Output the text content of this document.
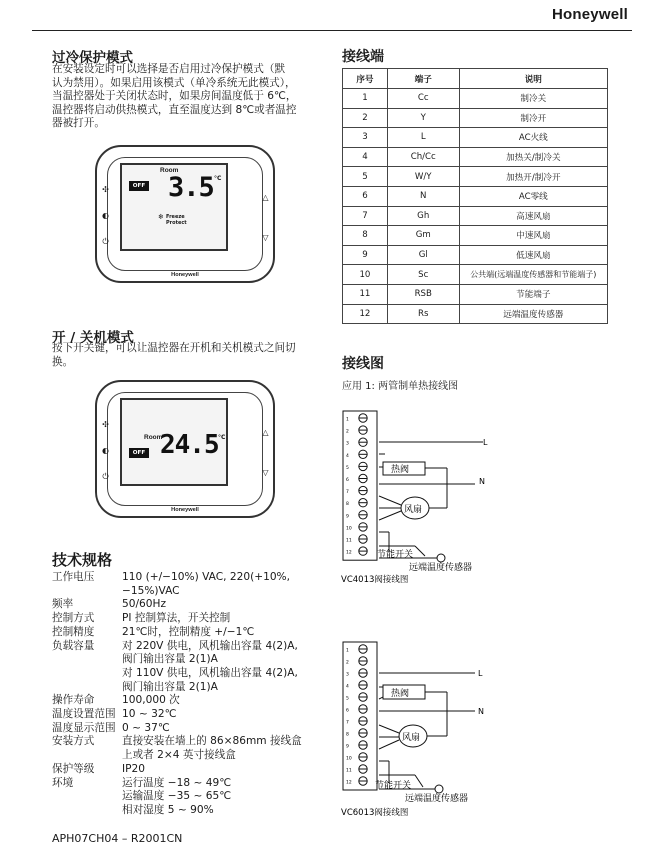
Honeywell
过冷保护模式
在安装设定时可以选择是否启用过冷保护模式（默
认为禁用）。如果启用该模式（单冷系统无此模式），
当温控器处于关闭状态时，如果房间温度低于 6℃，
温控器将启动供热模式，直至温度达到 8℃或者温控
器被打开。
✣
◐
⏻
△
▽
Room
OFF 3.5 °C
❄ Freeze
Protect
Honeywell
开 / 关机模式
按下开关键，可以让温控器在开机和关机模式之间切
换。
✣
◐
⏻
△
▽
Room
OFF 24.5 °C
Honeywell
技术规格
工作电压	110 (+/−10%) VAC, 220(+10%,
−15%)VAC
频率	50/60Hz
控制方式	PI 控制算法，开关控制
控制精度	21℃时，控制精度 +/−1℃
负载容量	对 220V 供电，风机输出容量 4(2)A,
阀门输出容量 2(1)A
对 110V 供电，风机输出容量 4(2)A,
阀门输出容量 2(1)A
操作寿命	100,000 次
温度设置范围 10 ~ 32℃
温度显示范围 0 ~ 37℃
安装方式	直接安装在墙上的 86×86mm 接线盒
上或者 2×4 英寸接线盒
保护等级	IP20
环境	运行温度 −18 ~ 49℃
运输温度 −35 ~ 65℃
相对湿度 5 ~ 90%
APH07CH04 – R2001CN
接线端
序号	端子	说明
1	Cc	制冷关
2	Y	制冷开
3	L	AC火线
4	Ch/Cc	加热关/制冷关
5	W/Y	加热开/制冷开
6	N	AC零线
7	Gh	高速风扇
8	Gm	中速风扇
9	Gl	低速风扇
10	Sc	公共端(远端温度传感器和节能端子)
11	RSB	节能端子
12	Rs	远端温度传感器
接线图
应用 1: 两管制单热接线图
1
2
3
4
5
6
7
8
9
10
11
12
L
热阀
N
风扇
节能开关
远端温度传感器
VC4013阀接线图
1
2
3
4
5
6
7
8
9
10
11
12
L
热阀
N
风扇
节能开关
远端温度传感器
VC6013阀接线图
